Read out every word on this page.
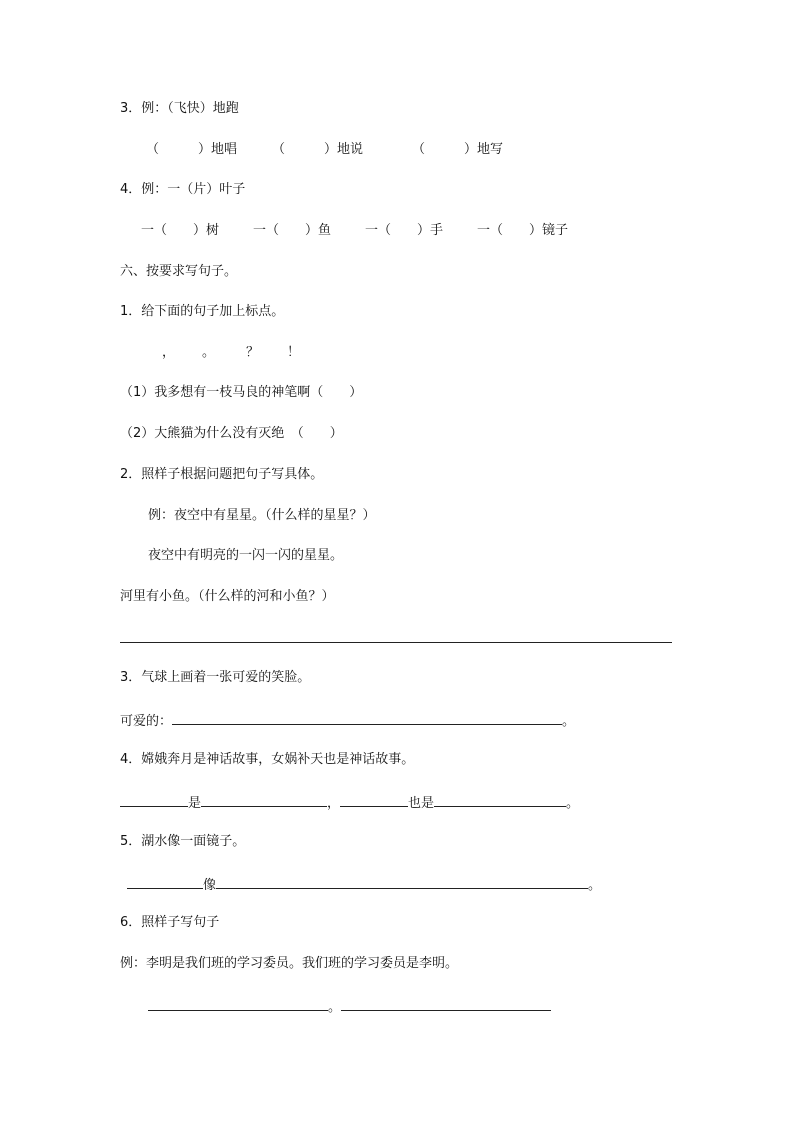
3．例：（飞快）地跑
（　　　）地唱	（　　　）地说	（　　　）地写
4．例：一（片）叶子
一（　　）树	一（　　）鱼	一（　　）手	一（　　）镜子
六、按要求写句子。
1．给下面的句子加上标点。
， 。 ？ ！
（1）我多想有一枝马良的神笔啊（　　）
（2）大熊猫为什么没有灭绝　（　　）
2．照样子根据问题把句子写具体。
例：夜空中有星星。（什么样的星星？）
夜空中有明亮的一闪一闪的星星。
河里有小鱼。（什么样的河和小鱼？）
3．气球上画着一张可爱的笑脸。
可爱的：	。
4．嫦娥奔月是神话故事，女娲补天也是神话故事。
是	，	也是	。
5．湖水像一面镜子。
像	。
6．照样子写句子
例：李明是我们班的学习委员。我们班的学习委员是李明。
。
